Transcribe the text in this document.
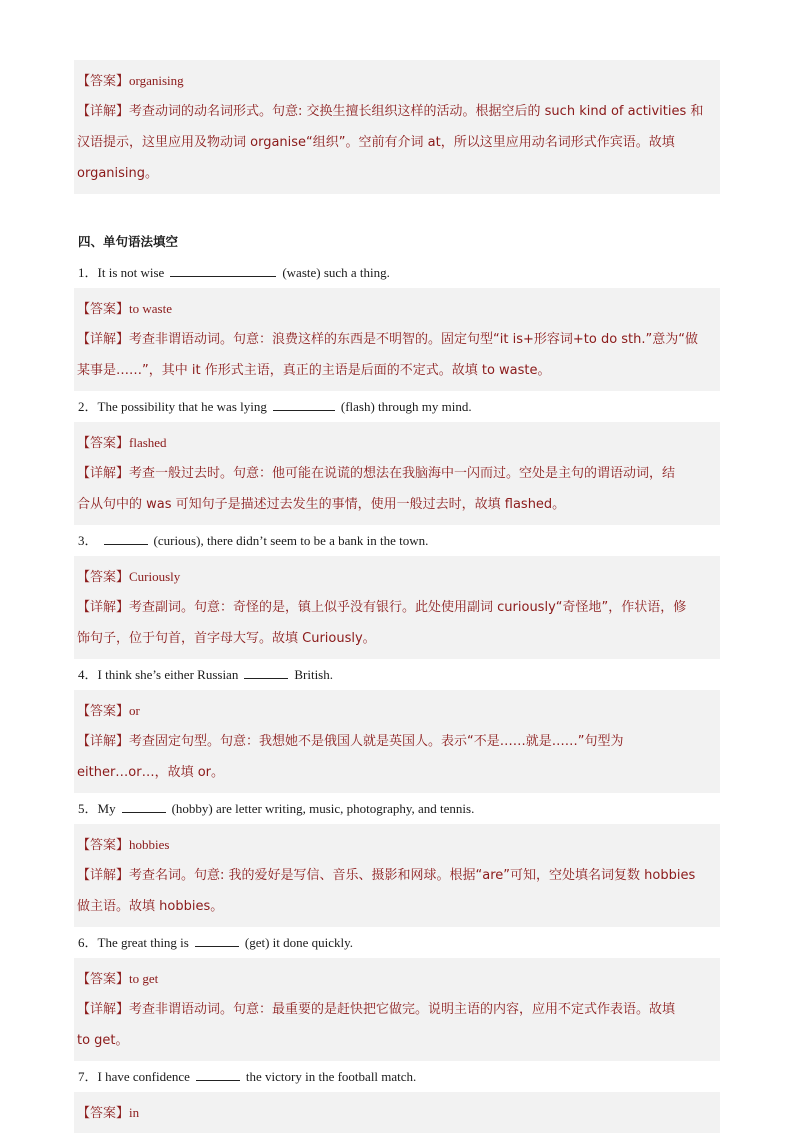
【答案】organising
【详解】考查动词的动名词形式。句意: 交换生擅长组织这样的活动。根据空后的 such kind of activities 和
汉语提示，这里应用及物动词 organise“组织”。空前有介词 at，所以这里应用动名词形式作宾语。故填
organising。
四、单句语法填空
1．It is not wise	(waste) such a thing.
【答案】to waste
【详解】考查非谓语动词。句意：浪费这样的东西是不明智的。固定句型“it is+形容词+to do sth.”意为“做
某事是……”，其中 it 作形式主语，真正的主语是后面的不定式。故填 to waste。
2．The possibility that he was lying	(flash) through my mind.
【答案】flashed
【详解】考查一般过去时。句意：他可能在说谎的想法在我脑海中一闪而过。空处是主句的谓语动词，结
合从句中的 was 可知句子是描述过去发生的事情，使用一般过去时，故填 flashed。
3．	(curious), there didn’t seem to be a bank in the town.
【答案】Curiously
【详解】考查副词。句意：奇怪的是，镇上似乎没有银行。此处使用副词 curiously“奇怪地”，作状语，修
饰句子，位于句首，首字母大写。故填 Curiously。
4．I think she’s either Russian	British.
【答案】or
【详解】考查固定句型。句意：我想她不是俄国人就是英国人。表示“不是……就是……”句型为
either…or…，故填 or。
5．My	(hobby) are letter writing, music, photography, and tennis.
【答案】hobbies
【详解】考查名词。句意: 我的爱好是写信、音乐、摄影和网球。根据“are”可知，空处填名词复数 hobbies
做主语。故填 hobbies。
6．The great thing is	(get) it done quickly.
【答案】to get
【详解】考查非谓语动词。句意：最重要的是赶快把它做完。说明主语的内容，应用不定式作表语。故填
to get。
7．I have confidence	the victory in the football match.
【答案】in
